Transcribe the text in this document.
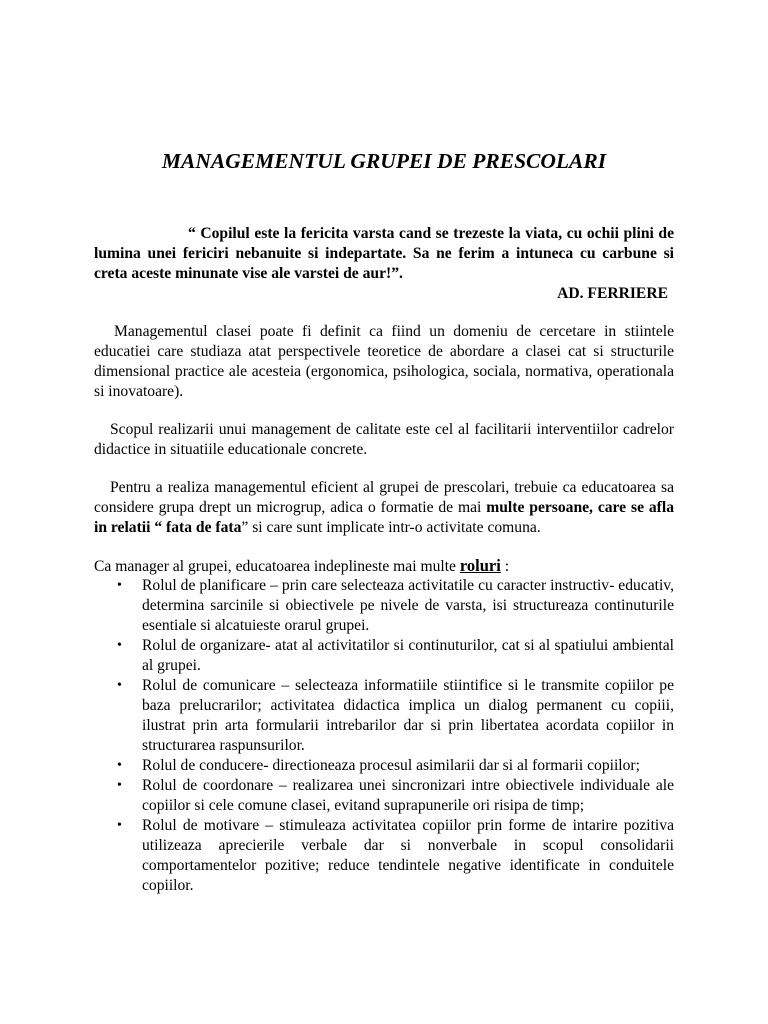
MANAGEMENTUL GRUPEI DE PRESCOLARI
“ Copilul este la fericita varsta cand se trezeste la viata, cu ochii plini de lumina unei fericiri nebanuite si indepartate. Sa ne ferim a intuneca cu carbune si creta aceste minunate vise ale varstei de aur!”.
AD. FERRIERE

Managementul clasei poate fi definit ca fiind un domeniu de cercetare in stiintele educatiei care studiaza atat perspectivele teoretice de abordare a clasei cat si structurile dimensional practice ale acesteia (ergonomica, psihologica, sociala, normativa, operationala si inovatoare).

Scopul realizarii unui management de calitate este cel al facilitarii interventiilor cadrelor didactice in situatiile educationale concrete.

Pentru a realiza managementul eficient al grupei de prescolari, trebuie ca educatoarea sa considere grupa drept un microgrup, adica o formatie de mai multe persoane, care se afla in relatii “ fata de fata” si care sunt implicate intr-o activitate comuna.

Ca manager al grupei, educatoarea indeplineste mai multe roluri :

• Rolul de planificare – prin care selecteaza activitatile cu caracter instructiv- educativ, determina sarcinile si obiectivele pe nivele de varsta, isi structureaza continuturile esentiale si alcatuieste orarul grupei.
• Rolul de organizare- atat al activitatilor si continuturilor, cat si al spatiului ambiental al grupei.
• Rolul de comunicare – selecteaza informatiile stiintifice si le transmite copiilor pe baza prelucrarilor; activitatea didactica implica un dialog permanent cu copiii, ilustrat prin arta formularii intrebarilor dar si prin libertatea acordata copiilor in structurarea raspunsurilor.
• Rolul de conducere- directioneaza procesul asimilarii dar si al formarii copiilor;
• Rolul de coordonare – realizarea unei sincronizari intre obiectivele individuale ale copiilor si cele comune clasei, evitand suprapunerile ori risipa de timp;
• Rolul de motivare – stimuleaza activitatea copiilor prin forme de intarire pozitiva utilizeaza aprecierile verbale dar si nonverbale in scopul consolidarii comportamentelor pozitive; reduce tendintele negative identificate in conduitele copiilor.
